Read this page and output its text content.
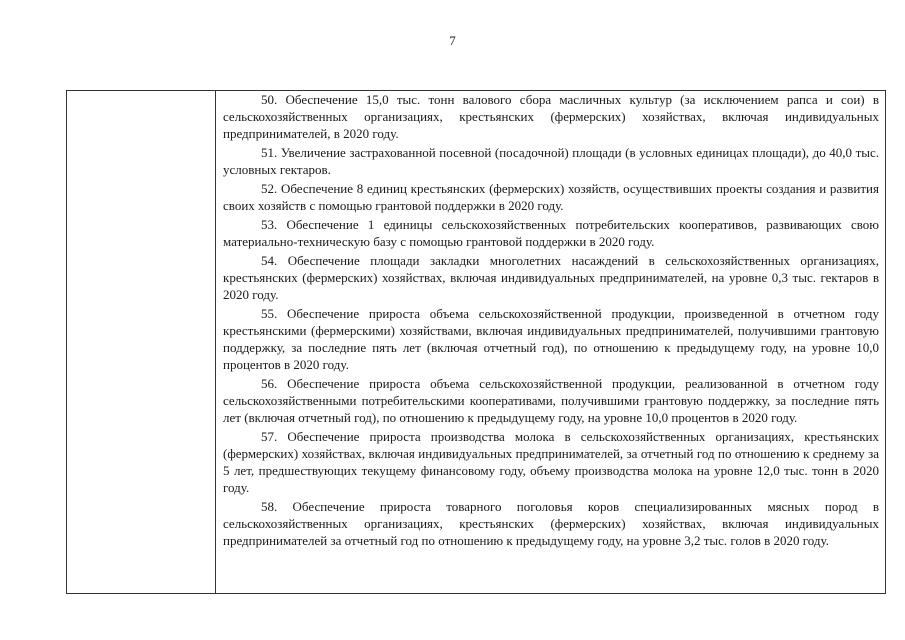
7

50. Обеспечение 15,0 тыс. тонн валового сбора масличных культур (за исключением рапса и сои) в сельскохозяйственных организациях, крестьянских (фермерских) хозяйствах, включая индивидуальных предпринимателей, в 2020 году.

51. Увеличение застрахованной посевной (посадочной) площади (в условных единицах площади), до 40,0 тыс. условных гектаров.

52. Обеспечение 8 единиц крестьянских (фермерских) хозяйств, осуществивших проекты создания и развития своих хозяйств с помощью грантовой поддержки в 2020 году.

53. Обеспечение 1 единицы сельскохозяйственных потребительских кооперативов, развивающих свою материально-техническую базу с помощью грантовой поддержки в 2020 году.

54. Обеспечение площади закладки многолетних насаждений в сельскохозяйственных организациях, крестьянских (фермерских) хозяйствах, включая индивидуальных предпринимателей, на уровне 0,3 тыс. гектаров в 2020 году.

55. Обеспечение прироста объема сельскохозяйственной продукции, произведенной в отчетном году крестьянскими (фермерскими) хозяйствами, включая индивидуальных предпринимателей, получившими грантовую поддержку, за последние пять лет (включая отчетный год), по отношению к предыдущему году, на уровне 10,0 процентов в 2020 году.

56. Обеспечение прироста объема сельскохозяйственной продукции, реализованной в отчетном году сельскохозяйственными потребительскими кооперативами, получившими грантовую поддержку, за последние пять лет (включая отчетный год), по отношению к предыдущему году, на уровне 10,0 процентов в 2020 году.

57. Обеспечение прироста производства молока в сельскохозяйственных организациях, крестьянских (фермерских) хозяйствах, включая индивидуальных предпринимателей, за отчетный год по отношению к среднему за 5 лет, предшествующих текущему финансовому году, объему производства молока на уровне 12,0 тыс. тонн в 2020 году.

58. Обеспечение прироста товарного поголовья коров специализированных мясных пород в сельскохозяйственных организациях, крестьянских (фермерских) хозяйствах, включая индивидуальных предпринимателей за отчетный год по отношению к предыдущему году, на уровне 3,2 тыс. голов в 2020 году.
